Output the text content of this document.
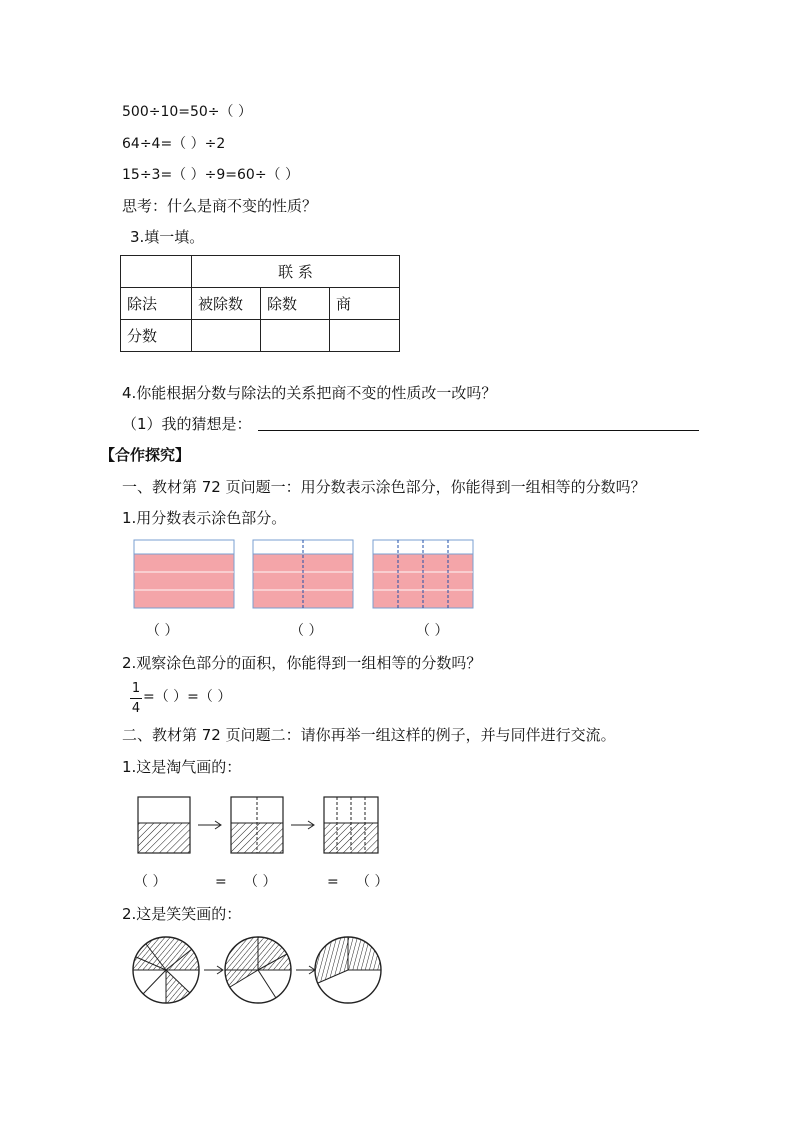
500÷10=50÷（ ）
64÷4=（ ）÷2
15÷3=（ ）÷9=60÷（ ）
思考：什么是商不变的性质？
3.填一填。
	联 系		
除法	被除数	除数	商
分数			
4.你能根据分数与除法的关系把商不变的性质改一改吗？
（1）我的猜想是：
【合作探究】
一、教材第 72 页问题一：用分数表示涂色部分，你能得到一组相等的分数吗？
1.用分数表示涂色部分。
（ ）	（ ）	（ ）
2.观察涂色部分的面积，你能得到一组相等的分数吗？
1
4
=（ ）=（ ）
二、教材第 72 页问题二：请你再举一组这样的例子，并与同伴进行交流。
1.这是淘气画的：
（ ）	= （ ）	= （ ）
2.这是笑笑画的：
